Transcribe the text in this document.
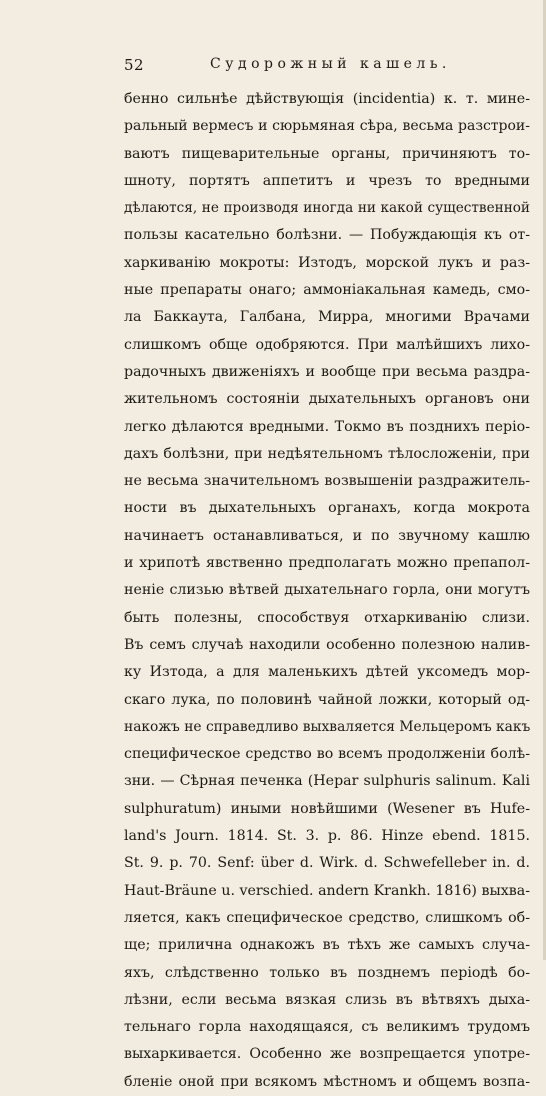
52	Судорожный кашель.
бенно сильнѣе дѣйствующія (incidentia) к. т. мине-
ральный вермесъ и сюрьмяная сѣра, весьма разстрои-
ваютъ пищеварительные органы, причиняютъ то-
шноту, портятъ аппетитъ и чрезъ то вредными
дѣлаются, не производя иногда ни какой существенной
пользы касательно болѣзни. — Побуждающія къ от-
харкиванію мокроты: Изтодъ, морской лукъ и раз-
ные препараты онаго; аммоніакальная камедь, смо-
ла Баккаута, Галбана, Мирра, многими Врачами
слишкомъ обще одобряются. При малѣйшихъ лихо-
радочныхъ движеніяхъ и вообще при весьма раздра-
жительномъ состояніи дыхательныхъ органовъ они
легко дѣлаются вредными. Токмо въ позднихъ періо-
дахъ болѣзни, при недѣятельномъ тѣлосложеніи, при
не весьма значительномъ возвышеніи раздражитель-
ности въ дыхательныхъ органахъ, когда мокрота
начинаетъ останавливаться, и по звучному кашлю
и хрипотѣ явственно предполагать можно препапол-
неніе слизью вѣтвей дыхательнаго горла, они могутъ
быть полезны, способствуя отхаркиванію слизи.
Въ семъ случаѣ находили особенно полезною налив-
ку Изтода, а для маленькихъ дѣтей уксомедъ мор-
скаго лука, по половинѣ чайной ложки, который од-
накожъ не справедливо выхваляется Мельцеромъ какъ
специфическое средство во всемъ продолженіи болѣ-
зни. — Сѣрная печенка (Hepar sulphuris salinum. Kali
sulphuratum) иными новѣйшими (Wesener въ Hufe-
land's Journ. 1814. St. 3. p. 86. Hinze ebend. 1815.
St. 9. p. 70. Senf: über d. Wirk. d. Schwefelleber in. d.
Haut-Bräune u. verschied. andern Krankh. 1816) выхва-
ляется, какъ специфическое средство, слишкомъ об-
ще; прилична однакожъ въ тѣхъ же самыхъ случа-
яхъ, слѣдственно только въ позднемъ періодѣ бо-
лѣзни, если весьма вязкая слизь въ вѣтвяхъ дыха-
тельнаго горла находящаяся, съ великимъ трудомъ
выхаркивается. Особенно же возпрещается употре-
бленіе оной при всякомъ мѣстномъ и общемъ возпа-
